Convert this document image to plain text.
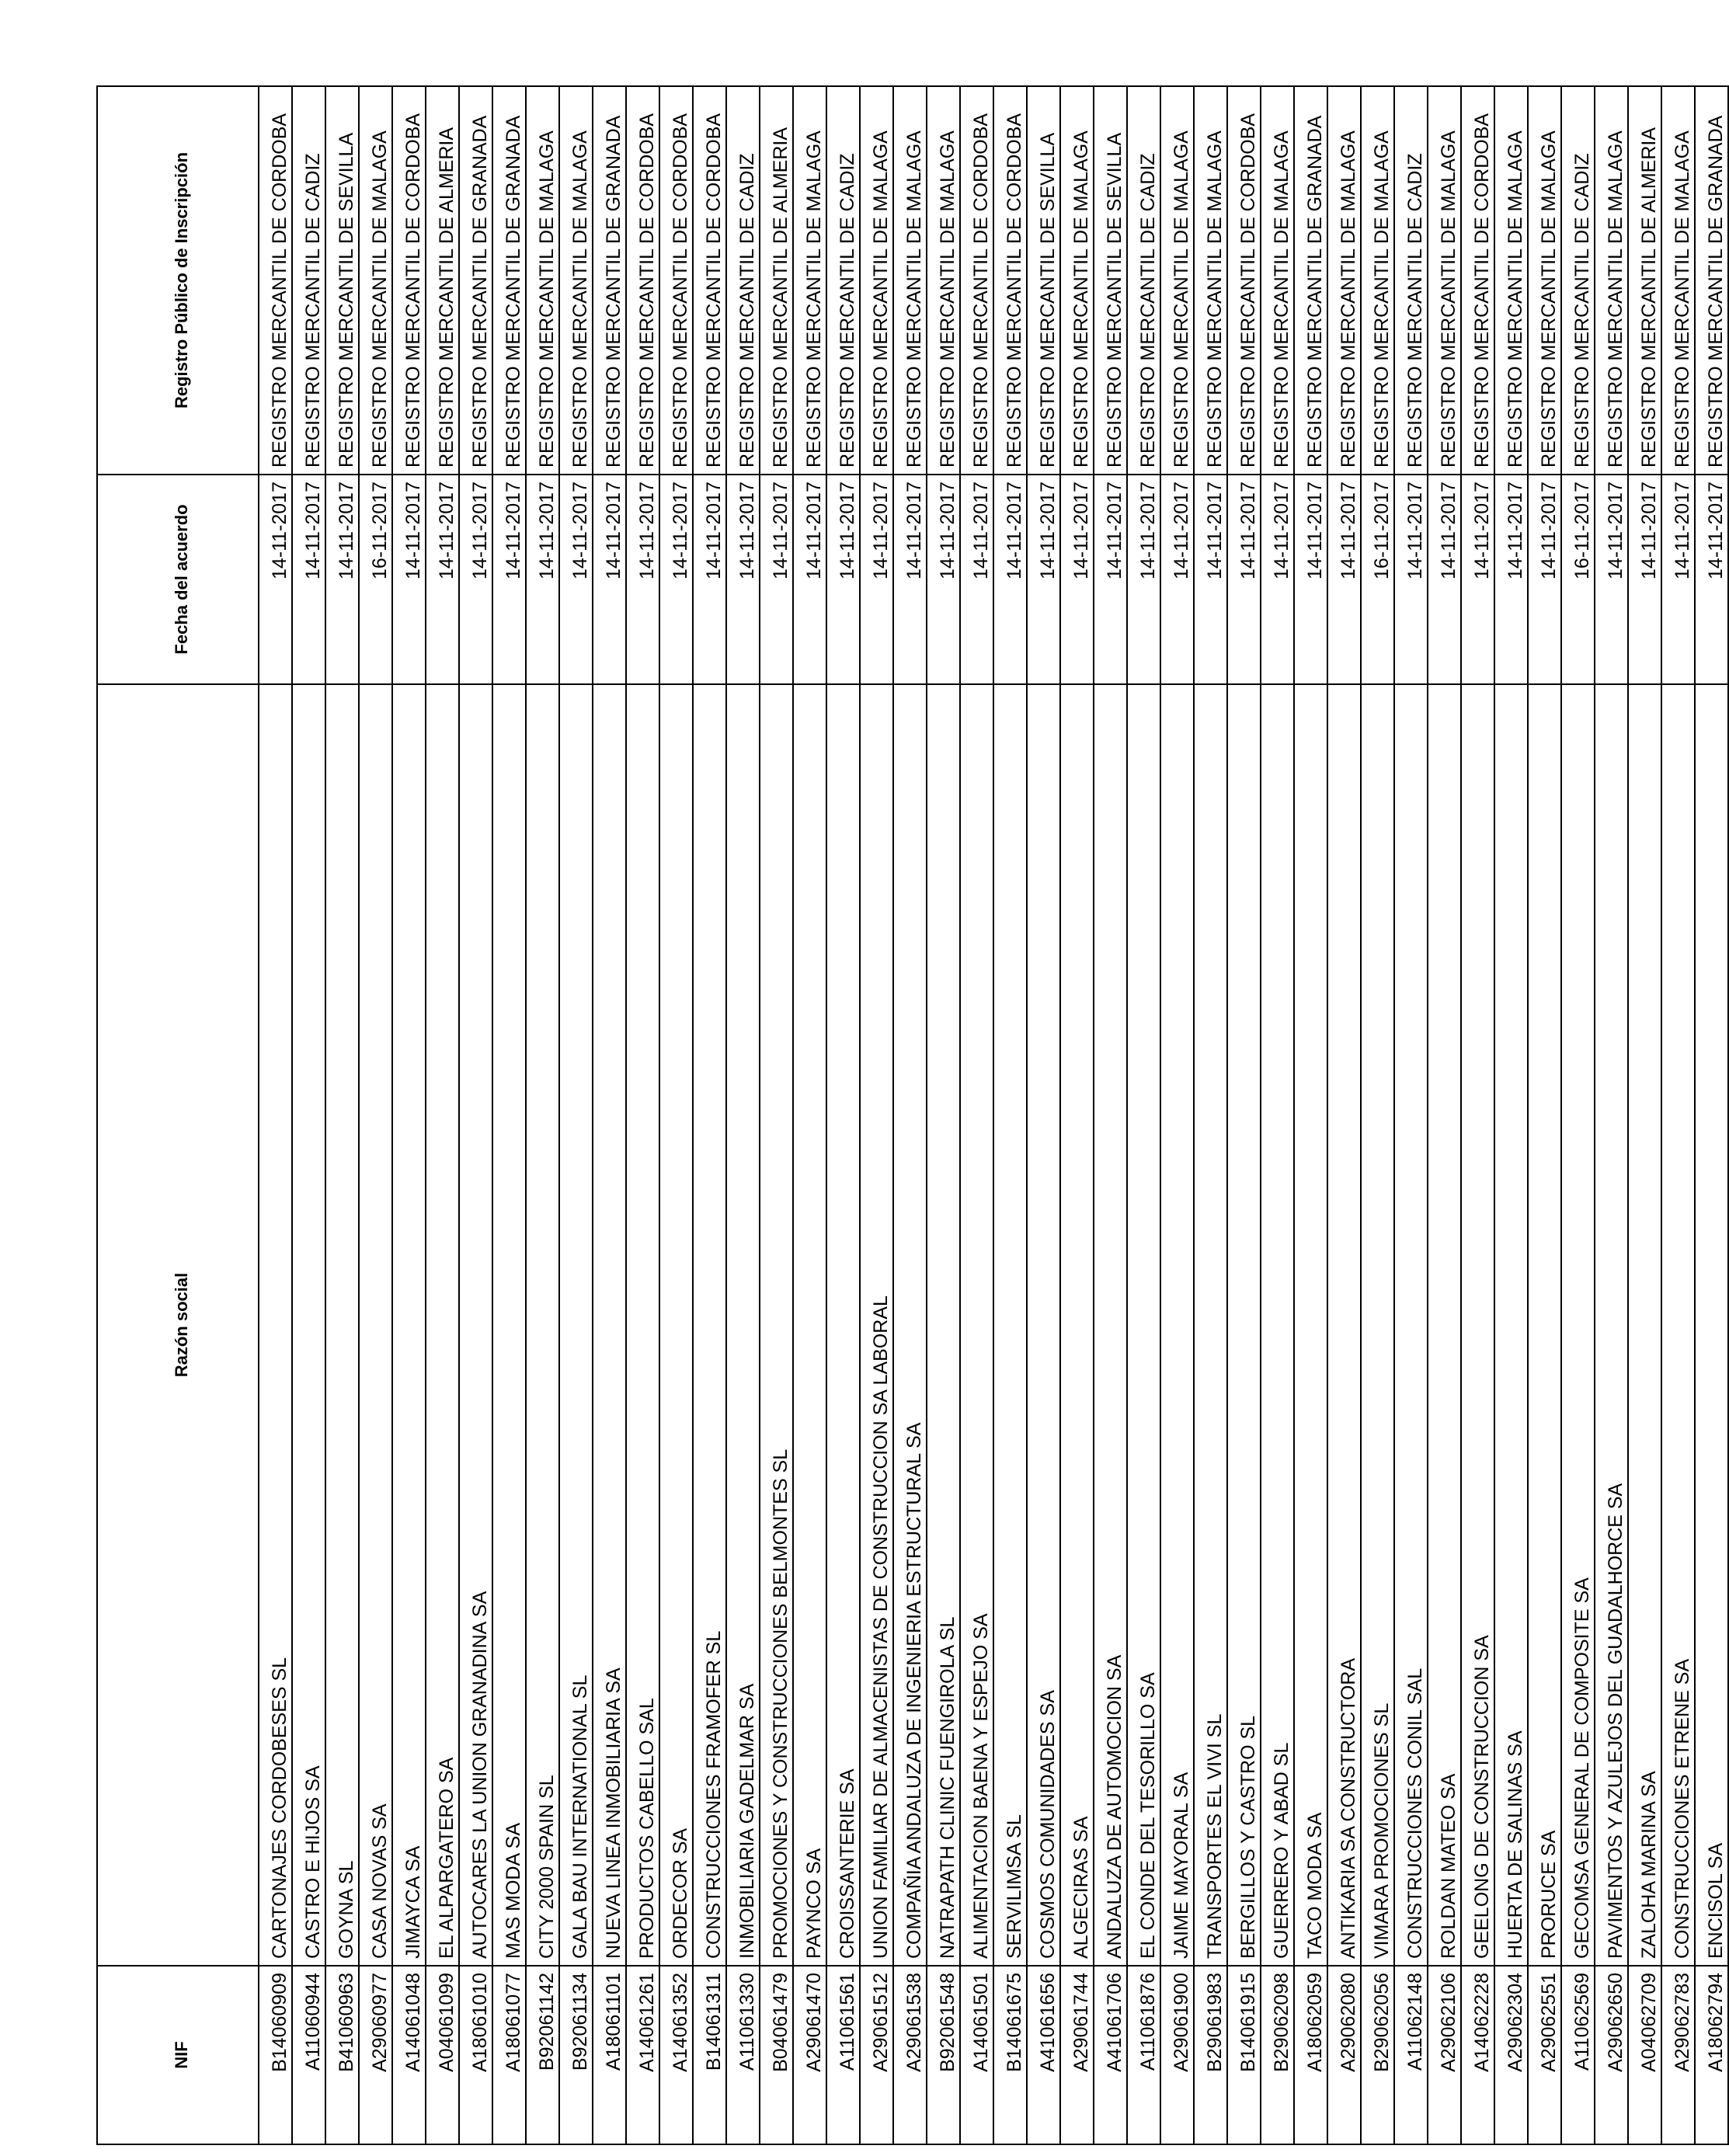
NIF	Razón social	Fecha del acuerdo	Registro Público de Inscripción
B14060909	CARTONAJES CORDOBESES SL	14-11-2017	REGISTRO MERCANTIL DE CORDOBA
A11060944	CASTRO E HIJOS SA	14-11-2017	REGISTRO MERCANTIL DE CADIZ
B41060963	GOYNA SL	14-11-2017	REGISTRO MERCANTIL DE SEVILLA
A29060977	CASA NOVAS SA	16-11-2017	REGISTRO MERCANTIL DE MALAGA
A14061048	JIMAYCA SA	14-11-2017	REGISTRO MERCANTIL DE CORDOBA
A04061099	EL ALPARGATERO SA	14-11-2017	REGISTRO MERCANTIL DE ALMERIA
A18061010	AUTOCARES LA UNION GRANADINA SA	14-11-2017	REGISTRO MERCANTIL DE GRANADA
A18061077	MAS MODA SA	14-11-2017	REGISTRO MERCANTIL DE GRANADA
B92061142	CITY 2000 SPAIN SL	14-11-2017	REGISTRO MERCANTIL DE MALAGA
B92061134	GALA BAU INTERNATIONAL SL	14-11-2017	REGISTRO MERCANTIL DE MALAGA
A18061101	NUEVA LINEA INMOBILIARIA SA	14-11-2017	REGISTRO MERCANTIL DE GRANADA
A14061261	PRODUCTOS CABELLO SAL	14-11-2017	REGISTRO MERCANTIL DE CORDOBA
A14061352	ORDECOR SA	14-11-2017	REGISTRO MERCANTIL DE CORDOBA
B14061311	CONSTRUCCIONES FRAMOFER SL	14-11-2017	REGISTRO MERCANTIL DE CORDOBA
A11061330	INMOBILIARIA GADELMAR SA	14-11-2017	REGISTRO MERCANTIL DE CADIZ
B04061479	PROMOCIONES Y CONSTRUCCIONES BELMONTES SL	14-11-2017	REGISTRO MERCANTIL DE ALMERIA
A29061470	PAYNCO SA	14-11-2017	REGISTRO MERCANTIL DE MALAGA
A11061561	CROISSANTERIE SA	14-11-2017	REGISTRO MERCANTIL DE CADIZ
A29061512	UNION FAMILIAR DE ALMACENISTAS DE CONSTRUCCION SA LABORAL	14-11-2017	REGISTRO MERCANTIL DE MALAGA
A29061538	COMPAÑIA ANDALUZA DE INGENIERIA ESTRUCTURAL SA	14-11-2017	REGISTRO MERCANTIL DE MALAGA
B92061548	NATRAPATH CLINIC FUENGIROLA SL	14-11-2017	REGISTRO MERCANTIL DE MALAGA
A14061501	ALIMENTACION BAENA Y ESPEJO SA	14-11-2017	REGISTRO MERCANTIL DE CORDOBA
B14061675	SERVILIMSA SL	14-11-2017	REGISTRO MERCANTIL DE CORDOBA
A41061656	COSMOS COMUNIDADES SA	14-11-2017	REGISTRO MERCANTIL DE SEVILLA
A29061744	ALGECIRAS SA	14-11-2017	REGISTRO MERCANTIL DE MALAGA
A41061706	ANDALUZA DE AUTOMOCION SA	14-11-2017	REGISTRO MERCANTIL DE SEVILLA
A11061876	EL CONDE DEL TESORILLO SA	14-11-2017	REGISTRO MERCANTIL DE CADIZ
A29061900	JAIME MAYORAL SA	14-11-2017	REGISTRO MERCANTIL DE MALAGA
B29061983	TRANSPORTES EL VIVI SL	14-11-2017	REGISTRO MERCANTIL DE MALAGA
B14061915	BERGILLOS Y CASTRO SL	14-11-2017	REGISTRO MERCANTIL DE CORDOBA
B29062098	GUERRERO Y ABAD SL	14-11-2017	REGISTRO MERCANTIL DE MALAGA
A18062059	TACO MODA SA	14-11-2017	REGISTRO MERCANTIL DE GRANADA
A29062080	ANTIKARIA SA CONSTRUCTORA	14-11-2017	REGISTRO MERCANTIL DE MALAGA
B29062056	VIMARA PROMOCIONES SL	16-11-2017	REGISTRO MERCANTIL DE MALAGA
A11062148	CONSTRUCCIONES CONIL SAL	14-11-2017	REGISTRO MERCANTIL DE CADIZ
A29062106	ROLDAN MATEO SA	14-11-2017	REGISTRO MERCANTIL DE MALAGA
A14062228	GEELONG DE CONSTRUCCION SA	14-11-2017	REGISTRO MERCANTIL DE CORDOBA
A29062304	HUERTA DE SALINAS SA	14-11-2017	REGISTRO MERCANTIL DE MALAGA
A29062551	PRORUCE SA	14-11-2017	REGISTRO MERCANTIL DE MALAGA
A11062569	GECOMSA GENERAL DE COMPOSITE SA	16-11-2017	REGISTRO MERCANTIL DE CADIZ
A29062650	PAVIMENTOS Y AZULEJOS DEL GUADALHORCE SA	14-11-2017	REGISTRO MERCANTIL DE MALAGA
A04062709	ZALOHA MARINA SA	14-11-2017	REGISTRO MERCANTIL DE ALMERIA
A29062783	CONSTRUCCIONES ETRENE SA	14-11-2017	REGISTRO MERCANTIL DE MALAGA
A18062794	ENCISOL SA	14-11-2017	REGISTRO MERCANTIL DE GRANADA
